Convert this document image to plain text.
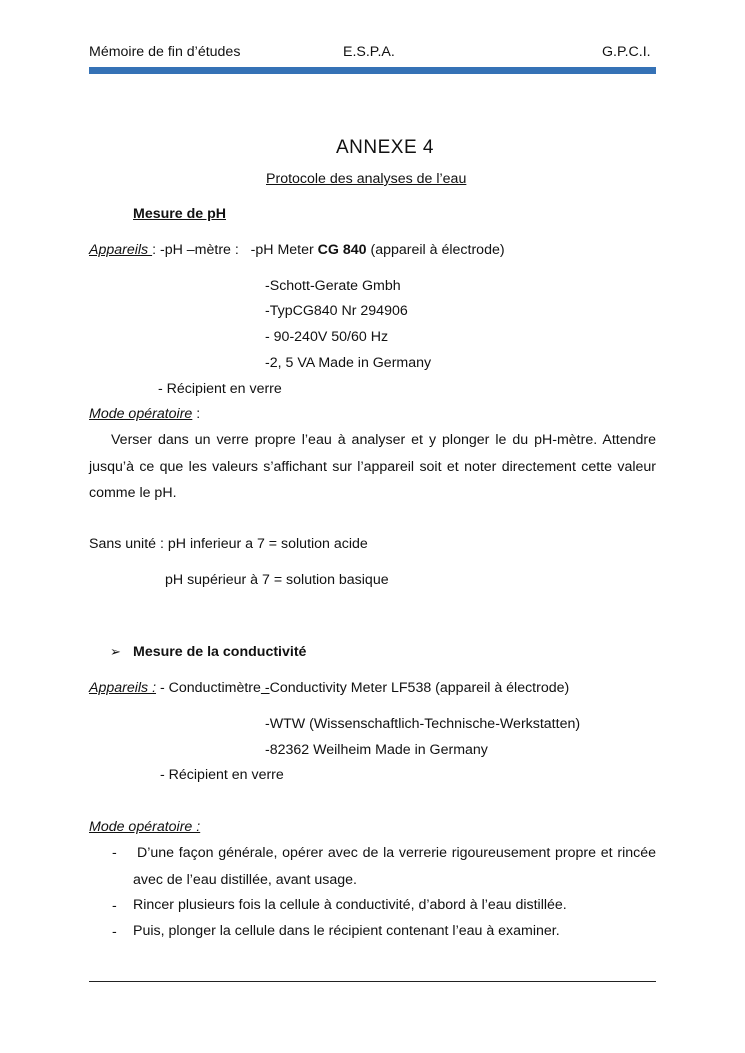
Mémoire de fin d’études	E.S.P.A.	G.P.C.I.
ANNEXE 4
Protocole des analyses de l’eau
Mesure de pH
Appareils : -pH –mètre :   -pH Meter CG 840 (appareil à électrode)
-Schott-Gerate Gmbh
-TypCG840 Nr 294906
- 90-240V 50/60 Hz
-2, 5 VA Made in Germany
- Récipient en verre
Mode opératoire :
Verser dans un verre propre l’eau à analyser et y plonger le du pH-mètre. Attendre jusqu’à ce que les valeurs s’affichant sur l’appareil soit et noter directement cette valeur comme le pH.
Sans unité : pH inferieur a 7 = solution acide
pH supérieur à 7 = solution basique
➢ Mesure de la conductivité
Appareils : - Conductimètre -Conductivity Meter LF538 (appareil à électrode)
-WTW (Wissenschaftlich-Technische-Werkstatten)
-82362 Weilheim Made in Germany
- Récipient en verre
Mode opératoire :
- D’une façon générale, opérer avec de la verrerie rigoureusement propre et rincée avec de l’eau distillée, avant usage.
- Rincer plusieurs fois la cellule à conductivité, d’abord à l’eau distillée.
- Puis, plonger la cellule dans le récipient contenant l’eau à examiner.
